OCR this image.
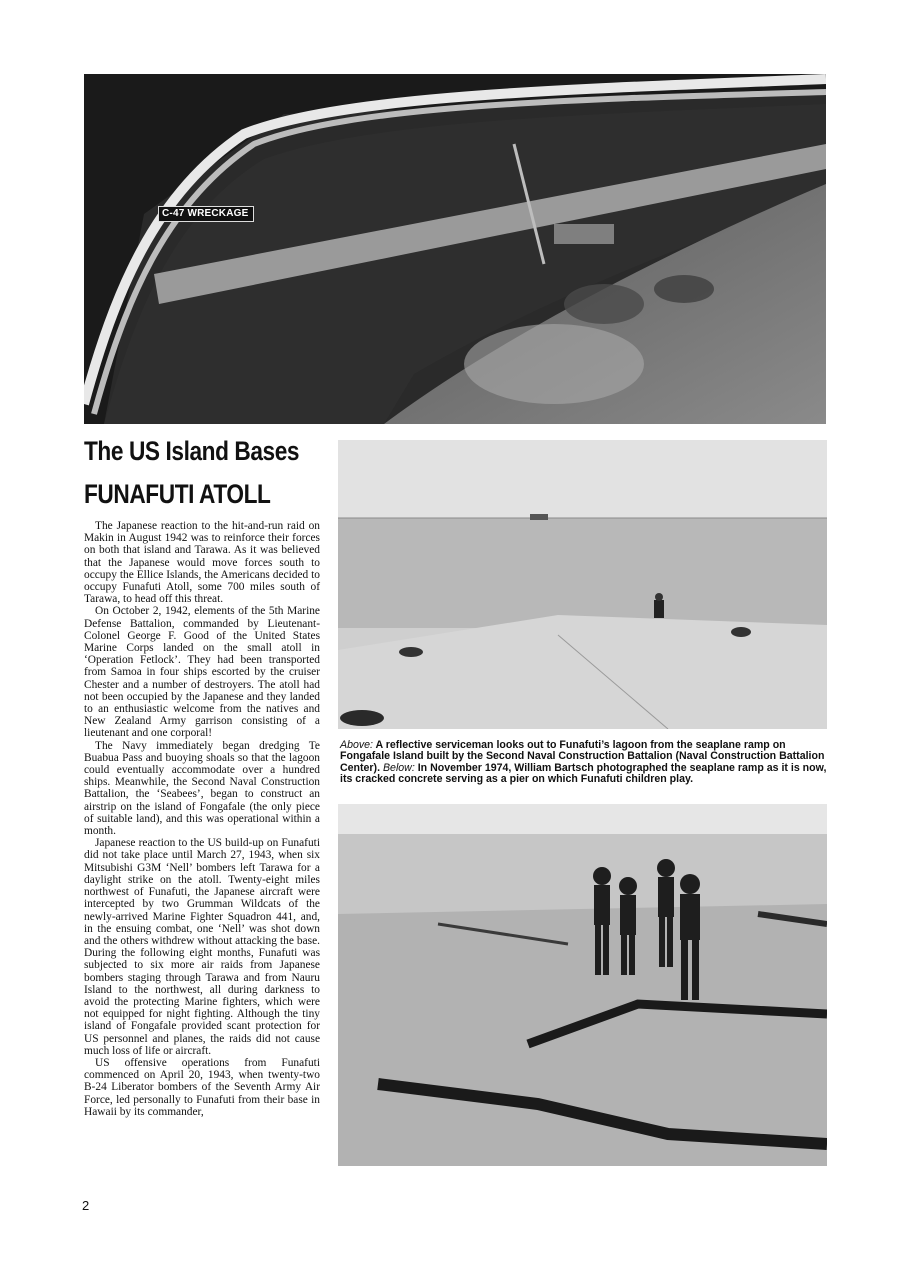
C-47 WRECKAGE
The US Island Bases
FUNAFUTI ATOLL

The Japanese reaction to the hit-and-run raid on Makin in August 1942 was to reinforce their forces on both that island and Tarawa. As it was believed that the Japanese would move forces south to occupy the Ellice Islands, the Americans decided to occupy Funafuti Atoll, some 700 miles south of Tarawa, to head off this threat.

On October 2, 1942, elements of the 5th Marine Defense Battalion, commanded by Lieutenant-Colonel George F. Good of the United States Marine Corps landed on the small atoll in ‘Operation Fetlock’. They had been transported from Samoa in four ships escorted by the cruiser Chester and a number of destroyers. The atoll had not been occupied by the Japanese and they landed to an enthusiastic welcome from the natives and New Zealand Army garrison consisting of a lieutenant and one corporal!

The Navy immediately began dredging Te Buabua Pass and buoying shoals so that the lagoon could eventually accommodate over a hundred ships. Meanwhile, the Second Naval Construction Battalion, the ‘Seabees’, began to construct an airstrip on the island of Fongafale (the only piece of suitable land), and this was operational within a month.

Japanese reaction to the US build-up on Funafuti did not take place until March 27, 1943, when six Mitsubishi G3M ‘Nell’ bombers left Tarawa for a daylight strike on the atoll. Twenty-eight miles northwest of Funafuti, the Japanese aircraft were intercepted by two Grumman Wildcats of the newly-arrived Marine Fighter Squadron 441, and, in the ensuing combat, one ‘Nell’ was shot down and the others withdrew without attacking the base. During the following eight months, Funafuti was subjected to six more air raids from Japanese bombers staging through Tarawa and from Nauru Island to the northwest, all during darkness to avoid the protecting Marine fighters, which were not equipped for night fighting. Although the tiny island of Fongafale provided scant protection for US personnel and planes, the raids did not cause much loss of life or aircraft.

US offensive operations from Funafuti commenced on April 20, 1943, when twenty-two B-24 Liberator bombers of the Seventh Army Air Force, led personally to Funafuti from their base in Hawaii by its commander,

Above: A reflective serviceman looks out to Funafuti’s lagoon from the seaplane ramp on Fongafale Island built by the Second Naval Construction Battalion (Naval Construction Battalion Center). Below: In November 1974, William Bartsch photographed the seaplane ramp as it is now, its cracked concrete serving as a pier on which Funafuti children play.
2
